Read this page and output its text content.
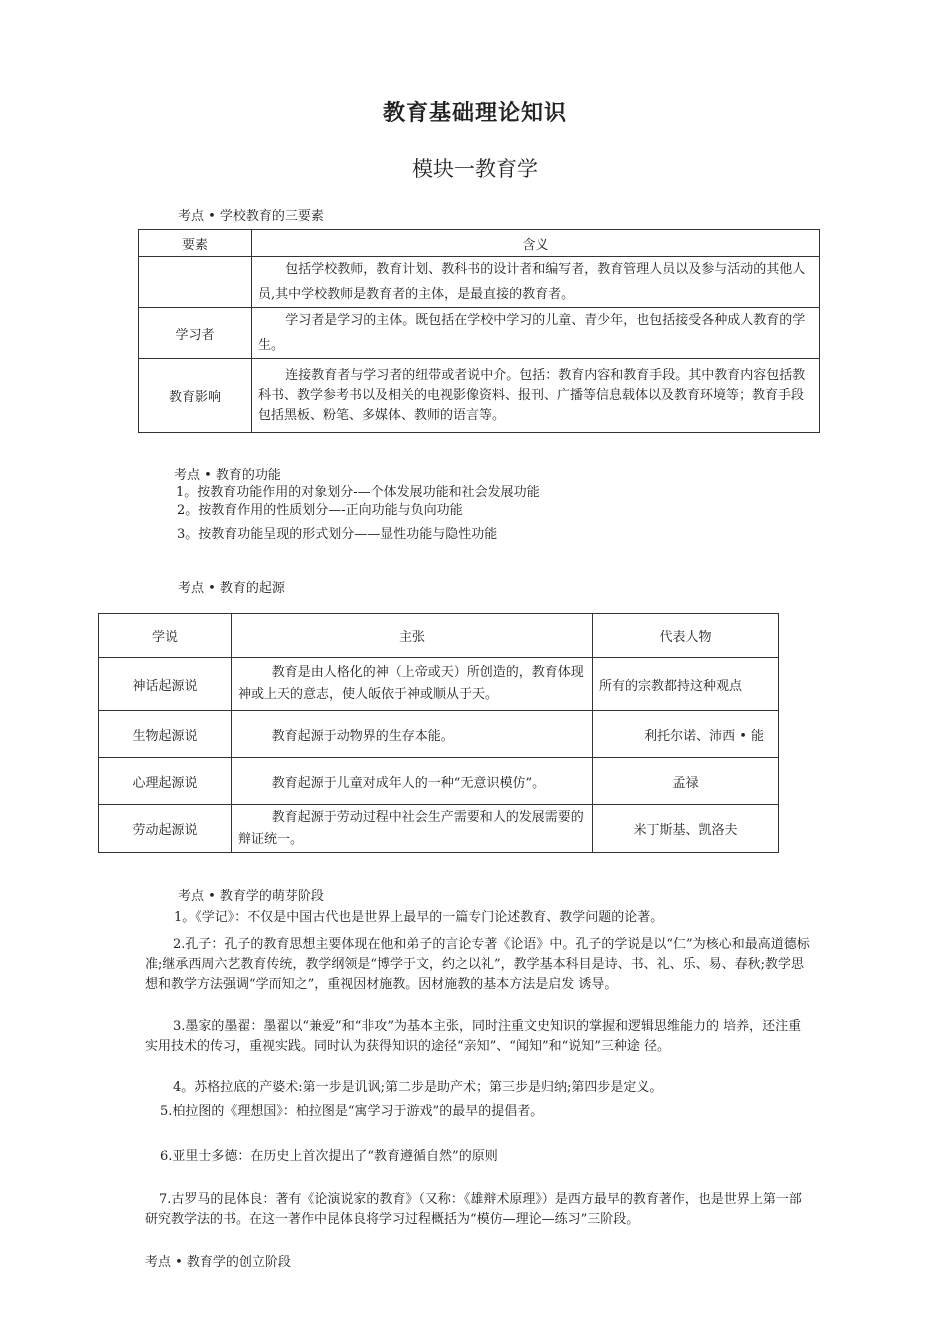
教育基础理论知识
模块一教育学
考点 • 学校教育的三要素
要素	含义

	包括学校教师，教育计划、教科书的设计者和编写者，教育管理人员以及参与活动的其他人员,其中学校教师是教育者的主体，是最直接的教育者。

学习者	学习者是学习的主体。既包括在学校中学习的儿童、青少年，也包括接受各种成人教育的学生。

教育影响	连接教育者与学习者的纽带或者说中介。包括：教育内容和教育手段。其中教育内容包括教科书、教学参考书以及相关的电视影像资料、报刊、广播等信息载体以及教育环境等；教育手段包括黑板、粉笔、多媒体、教师的语言等。
考点 • 教育的功能
1。按教育功能作用的对象划分-—个体发展功能和社会发展功能
2。按教育作用的性质划分—-正向功能与负向功能
3。按教育功能呈现的形式划分——显性功能与隐性功能
考点 • 教育的起源
学说	主张	代表人物
神话起源说	教育是由人格化的神（上帝或天）所创造的，教育体现神或上天的意志，使人皈依于神或顺从于天。	所有的宗教都持这种观点
生物起源说	教育起源于动物界的生存本能。	利托尔诺、沛西 • 能
心理起源说	教育起源于儿童对成年人的一种“无意识模仿”。	孟禄
劳动起源说	教育起源于劳动过程中社会生产需要和人的发展需要的辩证统一。	米丁斯基、凯洛夫
考点 • 教育学的萌芽阶段
1。《学记》：不仅是中国古代也是世界上最早的一篇专门论述教育、教学问题的论著。
2.孔子：孔子的教育思想主要体现在他和弟子的言论专著《论语》中。孔子的学说是以“仁”为核心和最高道德标准;继承西周六艺教育传统，教学纲领是“博学于文，约之以礼”，教学基本科目是诗、书、礼、乐、易、春秋;教学思想和教学方法强调“学而知之”，重视因材施教。因材施教的基本方法是启发 诱导。
3.墨家的墨翟：墨翟以“兼爱”和“非攻”为基本主张，同时注重文史知识的掌握和逻辑思维能力的 培养，还注重实用技术的传习，重视实践。同时认为获得知识的途径“亲知”、“闻知”和“说知”三种途 径。
4。苏格拉底的产婆术:第一步是讥讽;第二步是助产术；第三步是归纳;第四步是定义。
5.柏拉图的《理想国》：柏拉图是“寓学习于游戏”的最早的提倡者。
6.亚里士多德：在历史上首次提出了“教育遵循自然”的原则
7.古罗马的昆体良：著有《论演说家的教育》（又称：《雄辩术原理》）是西方最早的教育著作，也是世界上第一部研究教学法的书。在这一著作中昆体良将学习过程概括为“模仿—理论—练习”三阶段。
考点 • 教育学的创立阶段
